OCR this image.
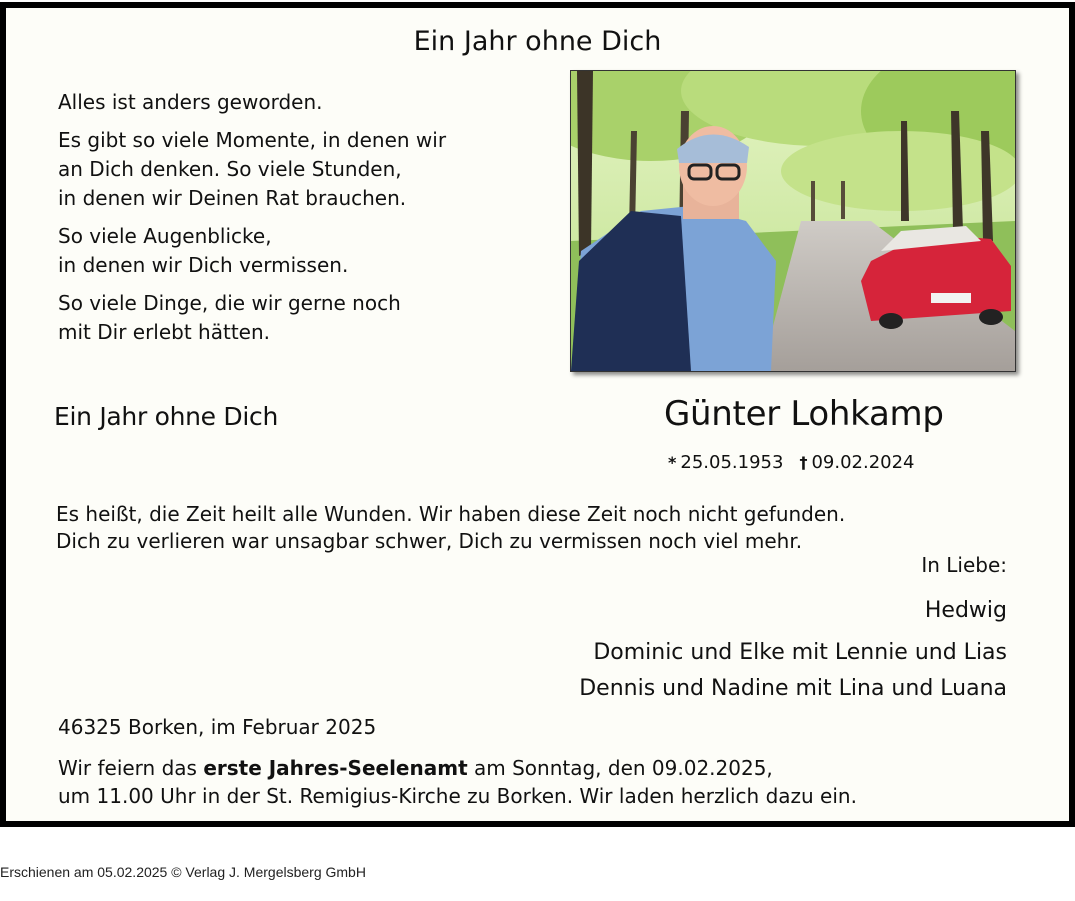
Ein Jahr ohne Dich

Alles ist anders geworden.

Es gibt so viele Momente, in denen wir
an Dich denken. So viele Stunden,
in denen wir Deinen Rat brauchen.

So viele Augenblicke,
in denen wir Dich vermissen.

So viele Dinge, die wir gerne noch
mit Dir erlebt hätten.

Ein Jahr ohne Dich	Günter Lohkamp
* 25.05.1953 † 09.02.2024
Es heißt, die Zeit heilt alle Wunden. Wir haben diese Zeit noch nicht gefunden.
Dich zu verlieren war unsagbar schwer, Dich zu vermissen noch viel mehr.
In Liebe:
Hedwig
Dominic und Elke mit Lennie und Lias
Dennis und Nadine mit Lina und Luana
46325 Borken, im Februar 2025
Wir feiern das erste Jahres-Seelenamt am Sonntag, den 09.02.2025,
um 11.00 Uhr in der St. Remigius-Kirche zu Borken. Wir laden herzlich dazu ein.
Erschienen am 05.02.2025 © Verlag J. Mergelsberg GmbH
